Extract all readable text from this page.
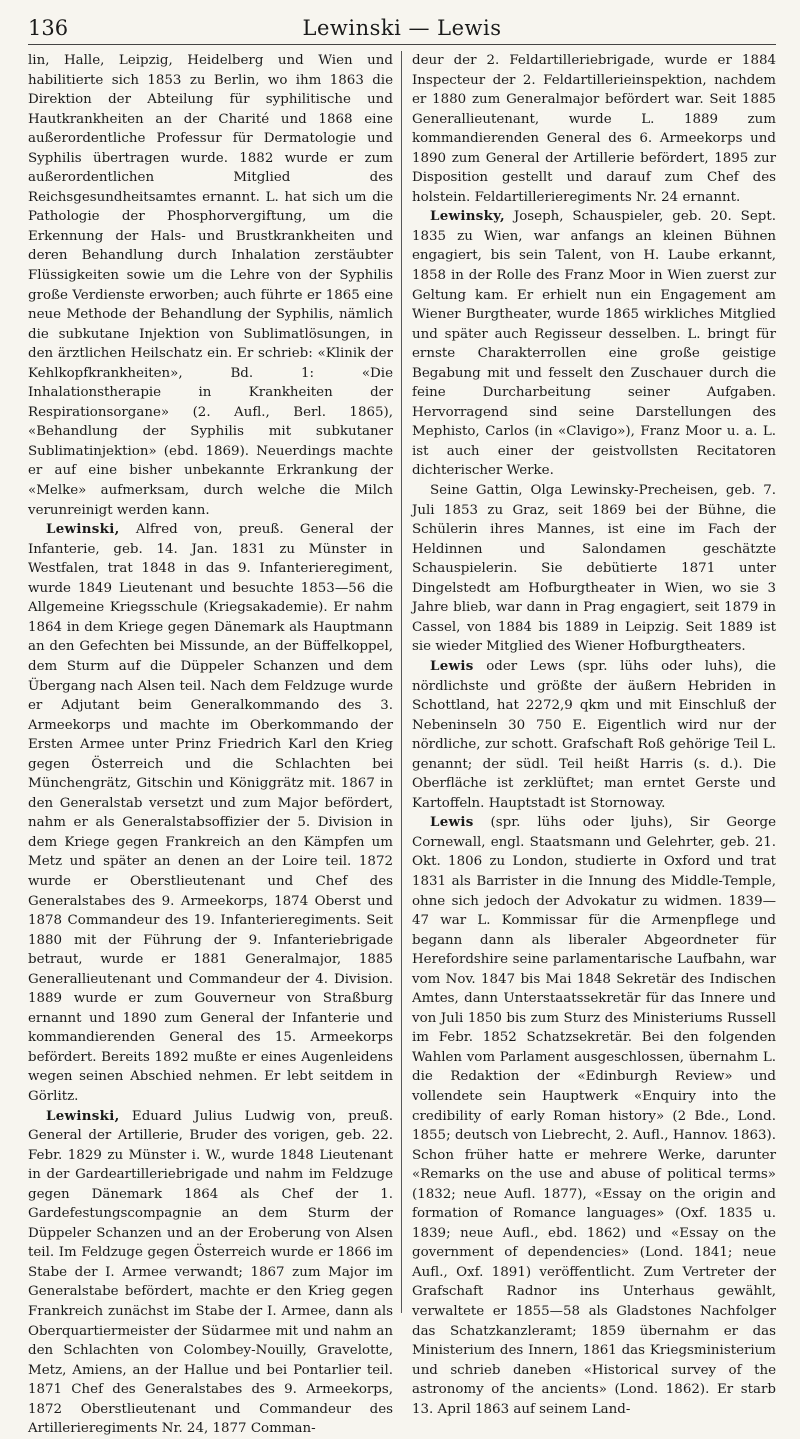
136	Lewinski — Lewis

lin, Halle, Leipzig, Heidelberg und Wien und habilitierte sich 1853 zu Berlin, wo ihm 1863 die Direktion der Abteilung für syphilitische und Hautkrankheiten an der Charité und 1868 eine außerordentliche Professur für Dermatologie und Syphilis übertragen wurde. 1882 wurde er zum außerordentlichen Mitglied des Reichsgesundheitsamtes ernannt. L. hat sich um die Pathologie der Phosphorvergiftung, um die Erkennung der Hals- und Brustkrankheiten und deren Behandlung durch Inhalation zerstäubter Flüssigkeiten sowie um die Lehre von der Syphilis große Verdienste erworben; auch führte er 1865 eine neue Methode der Behandlung der Syphilis, nämlich die subkutane Injektion von Sublimatlösungen, in den ärztlichen Heilschatz ein. Er schrieb: «Klinik der Kehlkopfkrankheiten», Bd. 1: «Die Inhalationstherapie in Krankheiten der Respirationsorgane» (2. Aufl., Berl. 1865), «Behandlung der Syphilis mit subkutaner Sublimatinjektion» (ebd. 1869). Neuerdings machte er auf eine bisher unbekannte Erkrankung der «Melke» aufmerksam, durch welche die Milch verunreinigt werden kann.

Lewinski, Alfred von, preuß. General der Infanterie, geb. 14. Jan. 1831 zu Münster in Westfalen, trat 1848 in das 9. Infanterieregiment, wurde 1849 Lieutenant und besuchte 1853—56 die Allgemeine Kriegsschule (Kriegsakademie). Er nahm 1864 in dem Kriege gegen Dänemark als Hauptmann an den Gefechten bei Missunde, an der Büffelkoppel, dem Sturm auf die Düppeler Schanzen und dem Übergang nach Alsen teil. Nach dem Feldzuge wurde er Adjutant beim Generalkommando des 3. Armeekorps und machte im Oberkommando der Ersten Armee unter Prinz Friedrich Karl den Krieg gegen Österreich und die Schlachten bei Münchengrätz, Gitschin und Königgrätz mit. 1867 in den Generalstab versetzt und zum Major befördert, nahm er als Generalstabsoffizier der 5. Division in dem Kriege gegen Frankreich an den Kämpfen um Metz und später an denen an der Loire teil. 1872 wurde er Oberstlieutenant und Chef des Generalstabes des 9. Armeekorps, 1874 Oberst und 1878 Commandeur des 19. Infanterieregiments. Seit 1880 mit der Führung der 9. Infanteriebrigade betraut, wurde er 1881 Generalmajor, 1885 Generallieutenant und Commandeur der 4. Division. 1889 wurde er zum Gouverneur von Straßburg ernannt und 1890 zum General der Infanterie und kommandierenden General des 15. Armeekorps befördert. Bereits 1892 mußte er eines Augenleidens wegen seinen Abschied nehmen. Er lebt seitdem in Görlitz.

Lewinski, Eduard Julius Ludwig von, preuß. General der Artillerie, Bruder des vorigen, geb. 22. Febr. 1829 zu Münster i. W., wurde 1848 Lieutenant in der Gardeartilleriebrigade und nahm im Feldzuge gegen Dänemark 1864 als Chef der 1. Gardefestungscompagnie an dem Sturm der Düppeler Schanzen und an der Eroberung von Alsen teil. Im Feldzuge gegen Österreich wurde er 1866 im Stabe der I. Armee verwandt; 1867 zum Major im Generalstabe befördert, machte er den Krieg gegen Frankreich zunächst im Stabe der I. Armee, dann als Oberquartiermeister der Südarmee mit und nahm an den Schlachten von Colombey-Nouilly, Gravelotte, Metz, Amiens, an der Hallue und bei Pontarlier teil. 1871 Chef des Generalstabes des 9. Armeekorps, 1872 Oberstlieutenant und Commandeur des Artillerieregiments Nr. 24, 1877 Comman-

deur der 2. Feldartilleriebrigade, wurde er 1884 Inspecteur der 2. Feldartillerieinspektion, nachdem er 1880 zum Generalmajor befördert war. Seit 1885 Generallieutenant, wurde L. 1889 zum kommandierenden General des 6. Armeekorps und 1890 zum General der Artillerie befördert, 1895 zur Disposition gestellt und darauf zum Chef des holstein. Feldartillerieregiments Nr. 24 ernannt.

Lewinsky, Joseph, Schauspieler, geb. 20. Sept. 1835 zu Wien, war anfangs an kleinen Bühnen engagiert, bis sein Talent, von H. Laube erkannt, 1858 in der Rolle des Franz Moor in Wien zuerst zur Geltung kam. Er erhielt nun ein Engagement am Wiener Burgtheater, wurde 1865 wirkliches Mitglied und später auch Regisseur desselben. L. bringt für ernste Charakterrollen eine große geistige Begabung mit und fesselt den Zuschauer durch die feine Durcharbeitung seiner Aufgaben. Hervorragend sind seine Darstellungen des Mephisto, Carlos (in «Clavigo»), Franz Moor u. a. L. ist auch einer der geistvollsten Recitatoren dichterischer Werke.

Seine Gattin, Olga Lewinsky-Precheisen, geb. 7. Juli 1853 zu Graz, seit 1869 bei der Bühne, die Schülerin ihres Mannes, ist eine im Fach der Heldinnen und Salondamen geschätzte Schauspielerin. Sie debütierte 1871 unter Dingelstedt am Hofburgtheater in Wien, wo sie 3 Jahre blieb, war dann in Prag engagiert, seit 1879 in Cassel, von 1884 bis 1889 in Leipzig. Seit 1889 ist sie wieder Mitglied des Wiener Hofburgtheaters.

Lewis oder Lews (spr. lühs oder luhs), die nördlichste und größte der äußern Hebriden in Schottland, hat 2272,9 qkm und mit Einschluß der Nebeninseln 30 750 E. Eigentlich wird nur der nördliche, zur schott. Grafschaft Roß gehörige Teil L. genannt; der südl. Teil heißt Harris (s. d.). Die Oberfläche ist zerklüftet; man erntet Gerste und Kartoffeln. Hauptstadt ist Stornoway.

Lewis (spr. lühs oder ljuhs), Sir George Cornewall, engl. Staatsmann und Gelehrter, geb. 21. Okt. 1806 zu London, studierte in Oxford und trat 1831 als Barrister in die Innung des Middle-Temple, ohne sich jedoch der Advokatur zu widmen. 1839—47 war L. Kommissar für die Armenpflege und begann dann als liberaler Abgeordneter für Herefordshire seine parlamentarische Laufbahn, war vom Nov. 1847 bis Mai 1848 Sekretär des Indischen Amtes, dann Unterstaatssekretär für das Innere und von Juli 1850 bis zum Sturz des Ministeriums Russell im Febr. 1852 Schatzsekretär. Bei den folgenden Wahlen vom Parlament ausgeschlossen, übernahm L. die Redaktion der «Edinburgh Review» und vollendete sein Hauptwerk «Enquiry into the credibility of early Roman history» (2 Bde., Lond. 1855; deutsch von Liebrecht, 2. Aufl., Hannov. 1863). Schon früher hatte er mehrere Werke, darunter «Remarks on the use and abuse of political terms» (1832; neue Aufl. 1877), «Essay on the origin and formation of Romance languages» (Oxf. 1835 u. 1839; neue Aufl., ebd. 1862) und «Essay on the government of dependencies» (Lond. 1841; neue Aufl., Oxf. 1891) veröffentlicht. Zum Vertreter der Grafschaft Radnor ins Unterhaus gewählt, verwaltete er 1855—58 als Gladstones Nachfolger das Schatzkanzleramt; 1859 übernahm er das Ministerium des Innern, 1861 das Kriegsministerium und schrieb daneben «Historical survey of the astronomy of the ancients» (Lond. 1862). Er starb 13. April 1863 auf seinem Land-
